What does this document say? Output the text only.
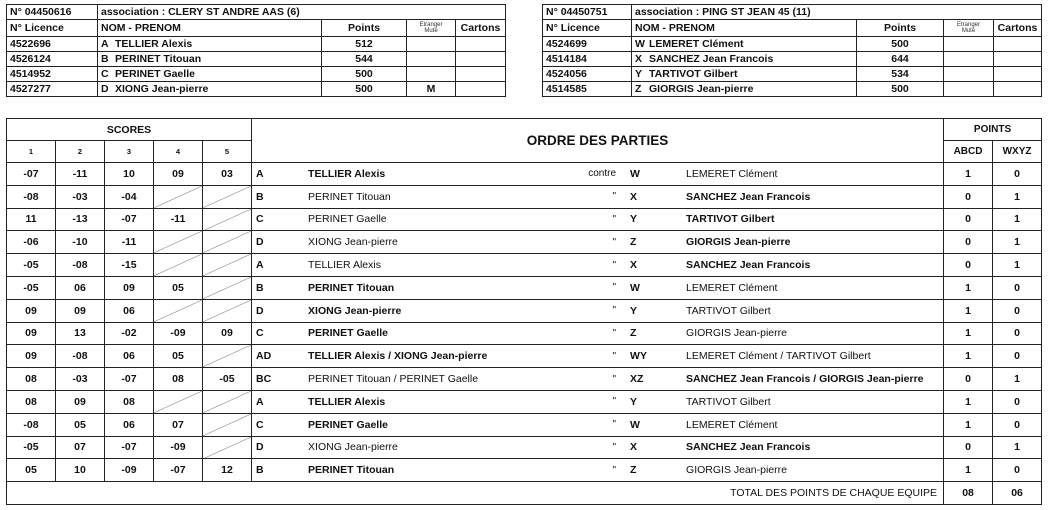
N° 04450616	association : CLERY ST ANDRE AAS (6)			
N° Licence	NOM - PRENOM	Points	Etranger
Muté	Cartons
4522696	A TELLIER Alexis	512		
4526124	B PERINET Titouan	544		
4514952	C PERINET Gaelle	500		
4527277	D XIONG Jean-pierre	500	M	
N° 04450751	association : PING ST JEAN 45 (11)			
N° Licence	NOM - PRENOM	Points	Etranger
Muté	Cartons
4524699	W LEMERET Clément	500		
4514184	X SANCHEZ Jean Francois	644		
4524056	Y TARTIVOT Gilbert	534		
4514585	Z GIORGIS Jean-pierre	500		
SCORES					ORDRE DES PARTIES	POINTS	
1	2	3	4	5		ABCD	WXYZ
-07	-11	10	09	03	A TELLIER Alexis contre W LEMERET Clément	1	0
-08	-03	-04			B PERINET Titouan " X SANCHEZ Jean Francois	0	1
11	-13	-07	-11		C PERINET Gaelle " Y TARTIVOT Gilbert	0	1
-06	-10	-11			D XIONG Jean-pierre " Z GIORGIS Jean-pierre	0	1
-05	-08	-15			A TELLIER Alexis " X SANCHEZ Jean Francois	0	1
-05	06	09	05		B PERINET Titouan " W LEMERET Clément	1	0
09	09	06			D XIONG Jean-pierre " Y TARTIVOT Gilbert	1	0
09	13	-02	-09	09	C PERINET Gaelle " Z GIORGIS Jean-pierre	1	0
09	-08	06	05		AD TELLIER Alexis / XIONG Jean-pierre " WY LEMERET Clément / TARTIVOT Gilbert	1	0
08	-03	-07	08	-05	BC PERINET Titouan / PERINET Gaelle " XZ SANCHEZ Jean Francois / GIORGIS Jean-pierre	0	1
08	09	08			A TELLIER Alexis " Y TARTIVOT Gilbert	1	0
-08	05	06	07		C PERINET Gaelle " W LEMERET Clément	1	0
-05	07	-07	-09		D XIONG Jean-pierre " X SANCHEZ Jean Francois	0	1
05	10	-09	-07	12	B PERINET Titouan " Z GIORGIS Jean-pierre	1	0
TOTAL DES POINTS DE CHAQUE EQUIPE						08	06
